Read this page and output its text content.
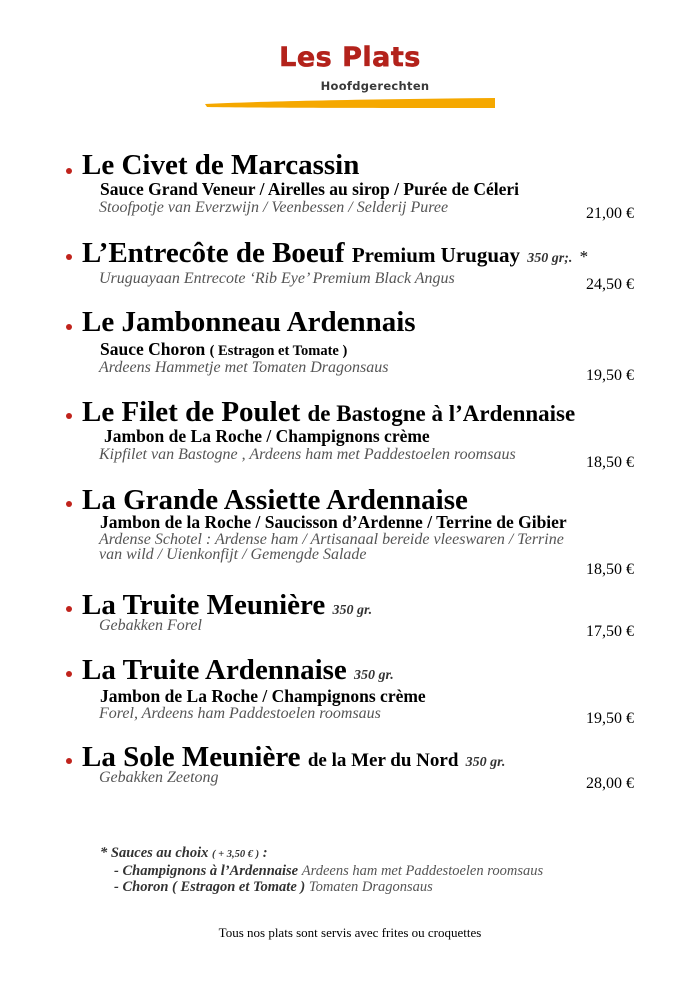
Les Plats
Hoofdgerechten
Le Civet de Marcassin
Sauce Grand Veneur / Airelles au sirop / Purée de Céleri
Stoofpotje van Everzwijn / Veenbessen / Selderij Puree	21,00 €
L’Entrecôte de Boeuf Premium Uruguay 350 gr;. *
Uruguayaan Entrecote ‘Rib Eye’ Premium Black Angus	24,50 €
Le Jambonneau Ardennais
Sauce Choron ( Estragon et Tomate )
Ardeens Hammetje met Tomaten Dragonsaus	19,50 €
Le Filet de Poulet de Bastogne à l’Ardennaise
Jambon de La Roche / Champignons crème
Kipfilet van Bastogne , Ardeens ham met Paddestoelen roomsaus	18,50 €
La Grande Assiette Ardennaise
Jambon de la Roche / Saucisson d’Ardenne / Terrine de Gibier
Ardense Schotel : Ardense ham / Artisanaal bereide vleeswaren / Terrine
van wild / Uienkonfijt / Gemengde Salade
18,50 €
La Truite Meunière 350 gr.
Gebakken Forel	17,50 €
La Truite Ardennaise 350 gr.
Jambon de La Roche / Champignons crème
Forel, Ardeens ham Paddestoelen roomsaus	19,50 €
La Sole Meunière de la Mer du Nord 350 gr.
Gebakken Zeetong	28,00 €
* Sauces au choix ( + 3,50 € ) :
- Champignons à l’Ardennaise Ardeens ham met Paddestoelen roomsaus
- Choron ( Estragon et Tomate ) Tomaten Dragonsaus
Tous nos plats sont servis avec frites ou croquettes
